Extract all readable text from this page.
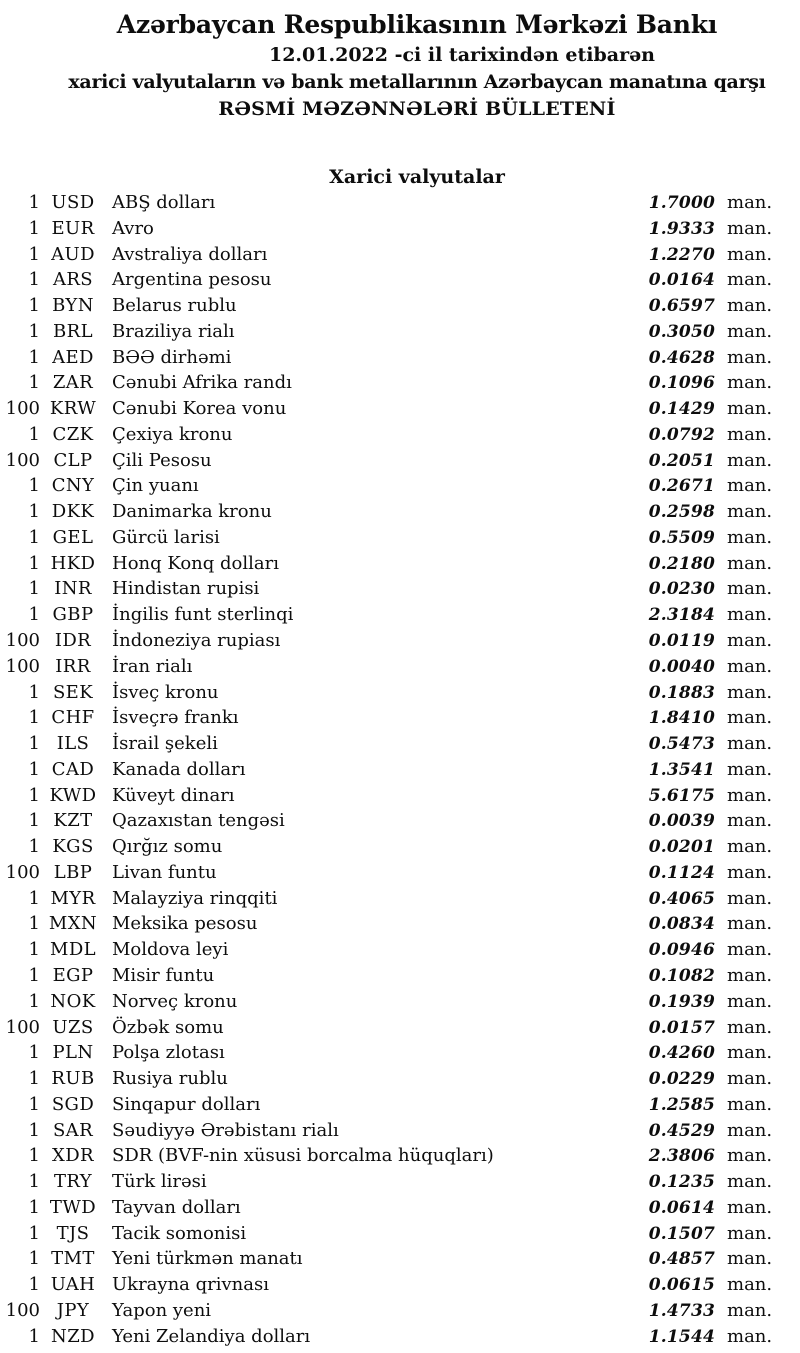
Azərbaycan Respublikasının Mərkəzi Bankı
12.01.2022 -ci il tarixindən etibarən
xarici valyutaların və bank metallarının Azərbaycan manatına qarşı
RƏSMİ MƏZƏNNƏLƏRİ BÜLLETENİ
Xarici valyutalar
1 USD ABŞ dolları	1.7000 man.
1 EUR Avro	1.9333 man.
1 AUD Avstraliya dolları	1.2270 man.
1 ARS	Argentina pesosu	0.0164 man.
1 BYN	Belarus rublu	0.6597 man.
1 BRL	Braziliya rialı	0.3050 man.
1 AED	BƏƏ dirhəmi	0.4628 man.
1 ZAR	Cənubi Afrika randı	0.1096 man.
100 KRW Cənubi Korea vonu	0.1429 man.
1 CZK	Çexiya kronu	0.0792 man.
100 CLP	Çili Pesosu	0.2051 man.
1 CNY Çin yuanı	0.2671 man.
1 DKK Danimarka kronu	0.2598 man.
1 GEL	Gürcü larisi	0.5509 man.
1 HKD Honq Konq dolları	0.2180 man.
1 INR	Hindistan rupisi	0.0230 man.
1 GBP	İngilis funt sterlinqi	2.3184 man.
100 IDR	İndoneziya rupiası	0.0119 man.
100 IRR	İran rialı	0.0040 man.
1 SEK	İsveç kronu	0.1883 man.
1 CHF İsveçrə frankı	1.8410 man.
1 ILS	İsrail şekeli	0.5473 man.
1 CAD Kanada dolları	1.3541 man.
1 KWD Küveyt dinarı	5.6175 man.
1 KZT	Qazaxıstan tengəsi	0.0039 man.
1 KGS	Qırğız somu	0.0201 man.
100 LBP	Livan funtu	0.1124 man.
1 MYR Malayziya rinqqiti	0.4065 man.
1 MXN Meksika pesosu	0.0834 man.
1 MDL Moldova leyi	0.0946 man.
1 EGP	Misir funtu	0.1082 man.
1 NOK Norveç kronu	0.1939 man.
100 UZS	Özbək somu	0.0157 man.
1 PLN	Polşa zlotası	0.4260 man.
1 RUB Rusiya rublu	0.0229 man.
1 SGD Sinqapur dolları	1.2585 man.
1 SAR	Səudiyyə Ərəbistanı rialı	0.4529 man.
1 XDR	SDR (BVF-nin xüsusi borcalma hüquqları)	2.3806 man.
1 TRY	Türk lirəsi	0.1235 man.
1 TWD Tayvan dolları	0.0614 man.
1 TJS	Tacik somonisi	0.1507 man.
1 TMT Yeni türkmən manatı	0.4857 man.
1 UAH Ukrayna qrivnası	0.0615 man.
100 JPY	Yapon yeni	1.4733 man.
1 NZD Yeni Zelandiya dolları	1.1544 man.
